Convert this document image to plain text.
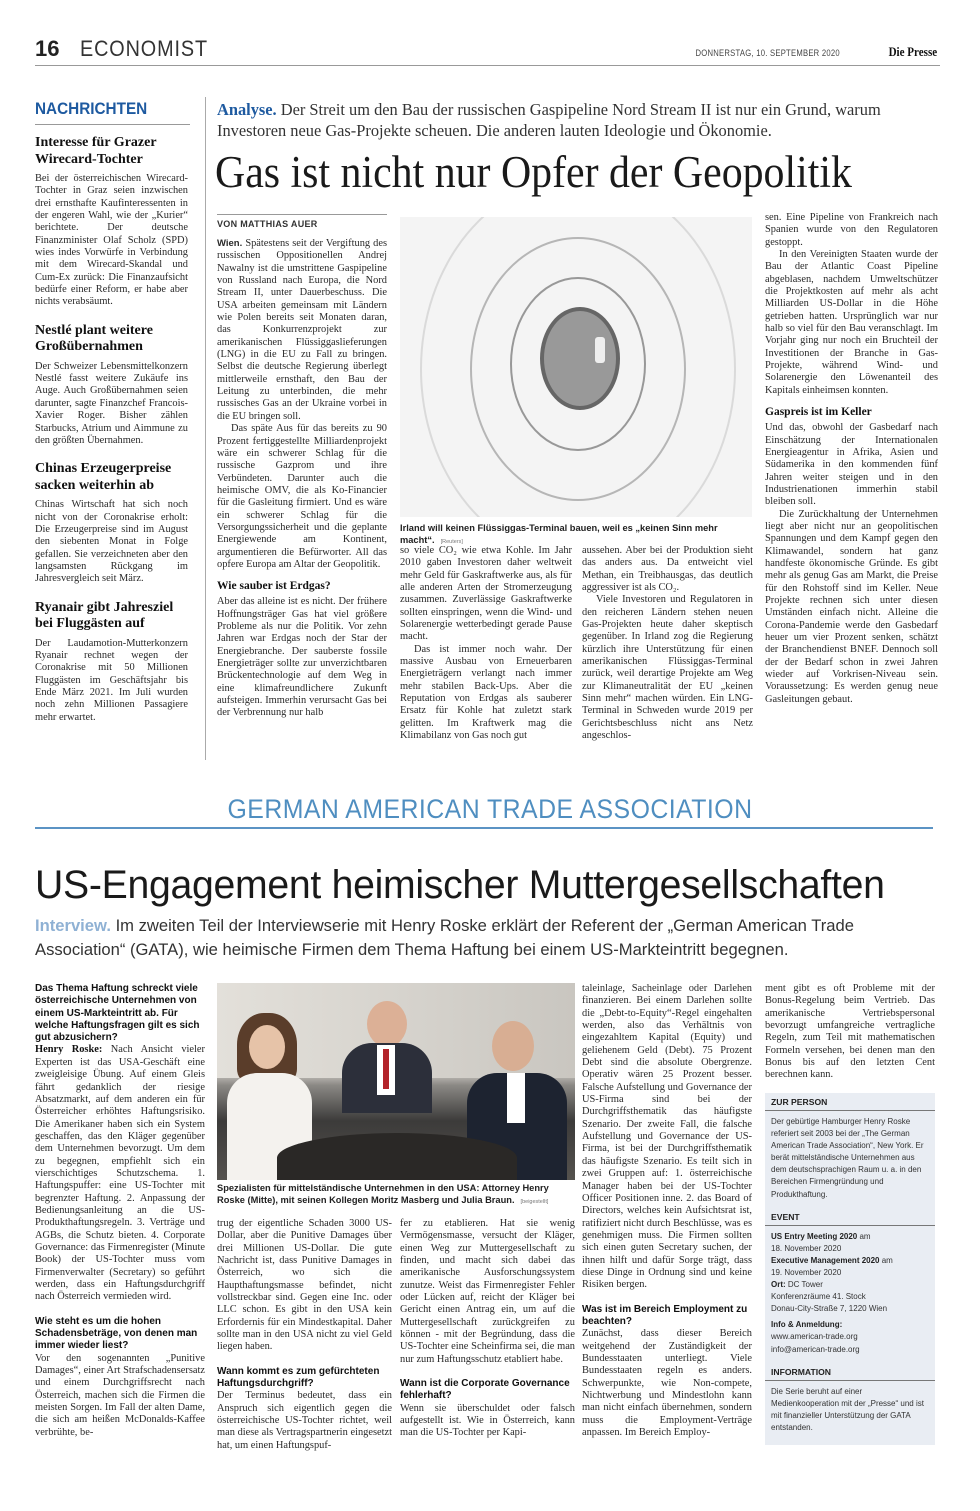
16 ECONOMIST	DONNERSTAG, 10. SEPTEMBER 2020	Die Presse
NACHRICHTEN
Interesse für Grazer Wirecard-Tochter
Bei der österreichischen Wirecard-Tochter in Graz seien inzwischen drei ernsthafte Kaufinteressenten in der engeren Wahl, wie der „Kurier“ berichtete. Der deutsche Finanzminister Olaf Scholz (SPD) wies indes Vorwürfe in Verbindung mit dem Wirecard-Skandal und Cum-Ex zurück: Die Finanzaufsicht bedürfe einer Reform, er habe aber nichts verabsäumt.
Nestlé plant weitere Großübernahmen
Der Schweizer Lebensmittelkonzern Nestlé fasst weitere Zukäufe ins Auge. Auch Großübernahmen seien darunter, sagte Finanzchef Francois-Xavier Roger. Bisher zählen Starbucks, Atrium und Aimmune zu den größten Übernahmen.
Chinas Erzeugerpreise sacken weiterhin ab
Chinas Wirtschaft hat sich noch nicht von der Coronakrise erholt: Die Erzeugerpreise sind im August den siebenten Monat in Folge gefallen. Sie verzeichneten aber den langsamsten Rückgang im Jahresvergleich seit März.
Ryanair gibt Jahresziel bei Fluggästen auf
Der Laudamotion-Mutterkonzern Ryanair rechnet wegen der Coronakrise mit 50 Millionen Fluggästen im Geschäftsjahr bis Ende März 2021. Im Juli wurden noch zehn Millionen Passagiere mehr erwartet.
Analyse. Der Streit um den Bau der russischen Gaspipeline Nord Stream II ist nur ein Grund, warum Investoren neue Gas-Projekte scheuen. Die anderen lauten Ideologie und Ökonomie.
Gas ist nicht nur Opfer der Geopolitik
VON MATTHIAS AUER

Wien. Spätestens seit der Vergiftung des russischen Oppositionellen Andrej Nawalny ist die umstrittene Gaspipeline von Russland nach Europa, die Nord Stream II, unter Dauerbeschuss. Die USA arbeiten gemeinsam mit Ländern wie Polen bereits seit Monaten daran, das Konkurrenzprojekt zur amerikanischen Flüssiggaslieferungen (LNG) in die EU zu Fall zu bringen. Selbst die deutsche Regierung überlegt mittlerweile ernsthaft, den Bau der Leitung zu unterbinden, die mehr russisches Gas an der Ukraine vorbei in die EU bringen soll.

Das späte Aus für das bereits zu 90 Prozent fertiggestellte Milliardenprojekt wäre ein schwerer Schlag für die russische Gazprom und ihre Verbündeten. Darunter auch die heimische OMV, die als Ko-Financier für die Gasleitung firmiert. Und es wäre ein schwerer Schlag für die Versorgungssicherheit und die geplante Energiewende am Kontinent, argumentieren die Befürworter. All das opfere Europa am Altar der Geopolitik.

Wie sauber ist Erdgas?

Aber das alleine ist es nicht. Der frühere Hoffnungsträger Gas hat viel größere Probleme als nur die Politik. Vor zehn Jahren war Erdgas noch der Star der Energiebranche. Der sauberste fossile Energieträger sollte zur unverzichtbaren Brückentechnologie auf dem Weg in eine klimafreundlichere Zukunft aufsteigen. Immerhin verursacht Gas bei der Verbrennung nur halb

Irland will keinen Flüssiggas-Terminal bauen, weil es „keinen Sinn mehr macht“. [Reuters]

so viele CO₂ wie etwa Kohle. Im Jahr 2010 gaben Investoren daher weltweit mehr Geld für Gaskraftwerke aus, als für alle anderen Arten der Stromerzeugung zusammen. Zuverlässige Gaskraftwerke sollten einspringen, wenn die Wind- und Solarenergie wetterbedingt gerade Pause macht.

Das ist immer noch wahr. Der massive Ausbau von Erneuerbaren Energieträgern verlangt nach immer mehr stabilen Back-Ups. Aber die Reputation von Erdgas als sauberer Ersatz für Kohle hat zuletzt stark gelitten. Im Kraftwerk mag die Klimabilanz von Gas noch gut

aussehen. Aber bei der Produktion sieht das anders aus. Da entweicht viel Methan, ein Treibhausgas, das deutlich aggressiver ist als CO₂.

Viele Investoren und Regulatoren in den reicheren Ländern stehen neuen Gas-Projekten heute daher skeptisch gegenüber. In Irland zog die Regierung kürzlich ihre Unterstützung für einen amerikanischen Flüssiggas-Terminal zurück, weil derartige Projekte am Weg zur Klimaneutralität der EU „keinen Sinn mehr“ machen würden. Ein LNG-Terminal in Schweden wurde 2019 per Gerichtsbeschluss nicht ans Netz angeschlos-

sen. Eine Pipeline von Frankreich nach Spanien wurde von den Regulatoren gestoppt.

In den Vereinigten Staaten wurde der Bau der Atlantic Coast Pipeline abgeblasen, nachdem Umweltschützer die Projektkosten auf mehr als acht Milliarden US-Dollar in die Höhe getrieben hatten. Ursprünglich war nur halb so viel für den Bau veranschlagt. Im Vorjahr ging nur noch ein Bruchteil der Investitionen der Branche in Gas-Projekte, während Wind- und Solarenergie den Löwenanteil des Kapitals einheimsen konnten.

Gaspreis ist im Keller

Und das, obwohl der Gasbedarf nach Einschätzung der Internationalen Energieagentur in Afrika, Asien und Südamerika in den kommenden fünf Jahren weiter steigen und in den Industrienationen immerhin stabil bleiben soll.

Die Zurückhaltung der Unternehmen liegt aber nicht nur an geopolitischen Spannungen und dem Kampf gegen den Klimawandel, sondern hat ganz handfeste ökonomische Gründe. Es gibt mehr als genug Gas am Markt, die Preise für den Rohstoff sind im Keller. Neue Projekte rechnen sich unter diesen Umständen einfach nicht. Alleine die Corona-Pandemie werde den Gasbedarf heuer um vier Prozent senken, schätzt der Branchendienst BNEF. Dennoch soll der der Bedarf schon in zwei Jahren wieder auf Vorkrisen-Niveau sein. Voraussetzung: Es werden genug neue Gasleitungen gebaut.

GERMAN AMERICAN TRADE ASSOCIATION
US-Engagement heimischer Muttergesellschaften
Interview. Im zweiten Teil der Interviewserie mit Henry Roske erklärt der Referent der „German American Trade Association“ (GATA), wie heimische Firmen dem Thema Haftung bei einem US-Markteintritt begegnen.
Das Thema Haftung schreckt viele österreichische Unternehmen von einem US-Markteintritt ab. Für welche Haftungsfragen gilt es sich gut abzusichern?

Henry Roske: Nach Ansicht vieler Experten ist das USA-Geschäft eine zweigleisige Übung. Auf einem Gleis fährt gedanklich der riesige Absatzmarkt, auf dem anderen ein für Österreicher erhöhtes Haftungsrisiko. Die Amerikaner haben sich ein System geschaffen, das den Kläger gegenüber dem Unternehmen bevorzugt. Um dem zu begegnen, empfiehlt sich ein vierschichtiges Schutzschema. 1. Haftungspuffer: eine US-Tochter mit begrenzter Haftung. 2. Anpassung der Bedienungsanleitung an die US-Produkthaftungsregeln. 3. Verträge und AGBs, die Schutz bieten. 4. Corporate Governance: das Firmenregister (Minute Book) der US-Tochter muss vom Firmenverwalter (Secretary) so geführt werden, dass ein Haftungsdurchgriff nach Österreich vermieden wird.

Wie steht es um die hohen Schadensbeträge, von denen man immer wieder liest?

Vor den sogenannten „Punitive Damages“, einer Art Strafschadensersatz und einem Durchgriffsrecht nach Österreich, machen sich die Firmen die meisten Sorgen. Im Fall der alten Dame, die sich am heißen McDonalds-Kaffee verbrühte, be-

Spezialisten für mittelständische Unternehmen in den USA: Attorney Henry Roske (Mitte), mit seinen Kollegen Moritz Masberg und Julia Braun. [beigestellt]

trug der eigentliche Schaden 3000 US-Dollar, aber die Punitive Damages über drei Millionen US-Dollar. Die gute Nachricht ist, dass Punitive Damages in Österreich, wo sich die Haupthaftungsmasse befindet, nicht vollstreckbar sind. Gegen eine Inc. oder LLC schon. Es gibt in den USA kein Erfordernis für ein Mindestkapital. Daher sollte man in den USA nicht zu viel Geld liegen haben.

Wann kommt es zum gefürchteten Haftungsdurchgriff?

Der Terminus bedeutet, dass ein Anspruch sich eigentlich gegen die österreichische US-Tochter richtet, weil man diese als Vertragspartnerin eingesetzt hat, um einen Haftungspuf-

fer zu etablieren. Hat sie wenig Vermögensmasse, versucht der Kläger, einen Weg zur Muttergesellschaft zu finden, und macht sich dabei das amerikanische Ausforschungssystem zunutze. Weist das Firmenregister Fehler oder Lücken auf, reicht der Kläger bei Gericht einen Antrag ein, um auf die Muttergesellschaft zurückgreifen zu können - mit der Begründung, dass die US-Tochter eine Scheinfirma sei, die man nur zum Haftungsschutz etabliert habe.

Wann ist die Corporate Governance fehlerhaft?

Wenn sie überschuldet oder falsch aufgestellt ist. Wie in Österreich, kann man die US-Tochter per Kapi-

taleinlage, Sacheinlage oder Darlehen finanzieren. Bei einem Darlehen sollte die „Debt-to-Equity“-Regel eingehalten werden, also das Verhältnis von eingezahltem Kapital (Equity) und geliehenem Geld (Debt). 75 Prozent Debt sind die absolute Obergrenze. Operativ wären 25 Prozent besser. Falsche Aufstellung und Governance der US-Firma sind bei der Durchgriffsthematik das häufigste Szenario. Der zweite Fall, die falsche Aufstellung und Governance der US-Firma, ist bei der Durchgriffsthematik das häufigste Szenario. Es teilt sich in zwei Gruppen auf: 1. österreichische Manager haben bei der US-Tochter Officer Positionen inne. 2. das Board of Directors, welches kein Aufsichtsrat ist, ratifiziert nicht durch Beschlüsse, was es genehmigen muss. Die Firmen sollten sich einen guten Secretary suchen, der ihnen hilft und dafür Sorge trägt, dass diese Dinge in Ordnung sind und keine Risiken bergen.

Was ist im Bereich Employment zu beachten?

Zunächst, dass dieser Bereich weitgehend der Zuständigkeit der Bundesstaaten unterliegt. Viele Bundesstaaten regeln es anders. Schwerpunkte, wie Non-compete, Nichtwerbung und Mindestlohn kann man nicht einfach übernehmen, sondern muss die Employment-Verträge anpassen. Im Bereich Employ-

ment gibt es oft Probleme mit der Bonus-Regelung beim Vertrieb. Das amerikanische Vertriebspersonal bevorzugt umfangreiche vertragliche Regeln, zum Teil mit mathematischen Formeln versehen, bei denen man den Bonus bis auf den letzten Cent berechnen kann.

ZUR PERSON
Der gebürtige Hamburger Henry Roske referiert seit 2003 bei der „The German American Trade Association“, New York. Er berät mittelständische Unternehmen aus dem deutschsprachigen Raum u. a. in den Bereichen Firmengründung und Produkthaftung.
EVENT
US Entry Meeting 2020 am
18. November 2020
Executive Management 2020 am
19. November 2020
Ort: DC Tower
Konferenzräume 41. Stock
Donau-City-Straße 7, 1220 Wien
Info & Anmeldung:
www.american-trade.org
info@american-trade.org
INFORMATION
Die Serie beruht auf einer Medienkooperation mit der „Presse“ und ist mit finanzieller Unterstützung der GATA entstanden.
